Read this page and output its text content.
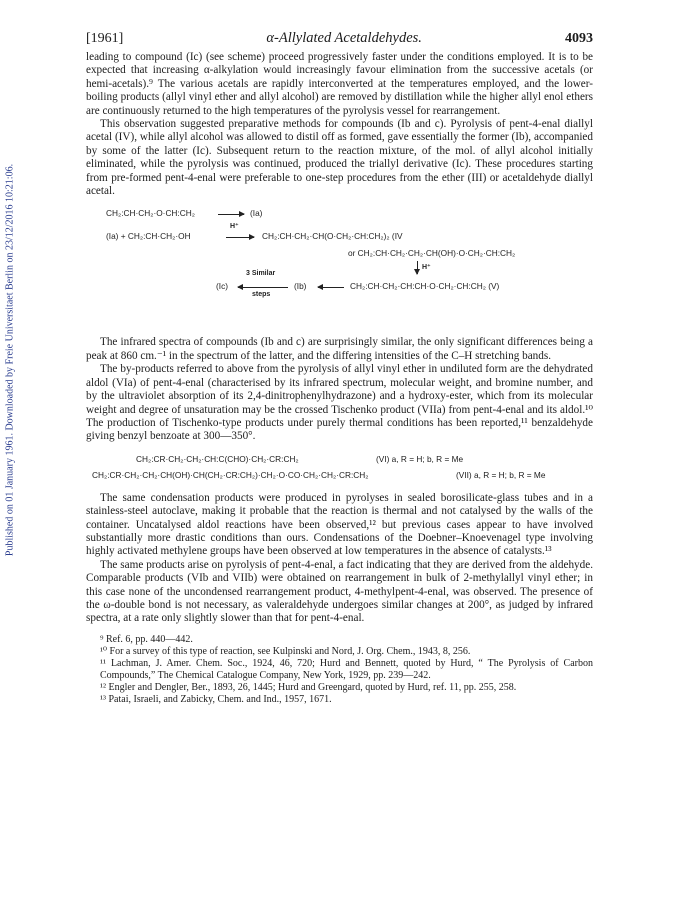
Published on 01 January 1961. Downloaded by Freie Universitaet Berlin on 23/12/2016 10:21:06.
[1961]	α-Allylated Acetaldehydes.	4093

leading to compound (Ic) (see scheme) proceed progressively faster under the conditions employed. It is to be expected that increasing α-alkylation would increasingly favour elimination from the successive acetals (or hemi-acetals).⁹ The various acetals are rapidly interconverted at the temperatures employed, and the lower-boiling products (allyl vinyl ether and allyl alcohol) are removed by distillation while the higher allyl enol ethers are continuously returned to the high temperatures of the pyrolysis vessel for rearrangement.

This observation suggested preparative methods for compounds (Ib and c). Pyrolysis of pent-4-enal diallyl acetal (IV), while allyl alcohol was allowed to distil off as formed, gave essentially the former (Ib), accompanied by some of the latter (Ic). Subsequent return to the reaction mixture, of the mol. of allyl alcohol initially eliminated, while the pyrolysis was continued, produced the triallyl derivative (Ic). These procedures starting from pre-formed pent-4-enal were preferable to one-step procedures from the ether (III) or acetaldehyde diallyl acetal.

CH₂:CH·CH₂·O·CH:CH₂	(Ia)
H⁺
(Ia) + CH₂:CH·CH₂·OH	CH₂:CH·CH₂·CH(O·CH₂·CH:CH₂)₂ (IV
or CH₂:CH·CH₂·CH₂·CH(OH)·O·CH₂·CH:CH₂
H⁺
3 Similar
(Ic)
steps
(Ib)	CH₂:CH·CH₂·CH:CH·O·CH₂·CH:CH₂ (V)

The infrared spectra of compounds (Ib and c) are surprisingly similar, the only significant differences being a peak at 860 cm.⁻¹ in the spectrum of the latter, and the differing intensities of the C–H stretching bands.

The by-products referred to above from the pyrolysis of allyl vinyl ether in undiluted form are the dehydrated aldol (VIa) of pent-4-enal (characterised by its infrared spectrum, molecular weight, and bromine number, and by the ultraviolet absorption of its 2,4-dinitrophenylhydrazone) and a hydroxy-ester, which from its molecular weight and degree of unsaturation may be the crossed Tischenko product (VIIa) from pent-4-enal and its aldol.¹⁰ The production of Tischenko-type products under purely thermal conditions has been reported,¹¹ benzaldehyde giving benzyl benzoate at 300—350°.

CH₂:CR·CH₂·CH₂·CH:C(CHO)·CH₂·CR:CH₂	(VI) a, R = H; b, R = Me
CH₂:CR·CH₂·CH₂·CH(OH)·CH(CH₂·CR:CH₂)·CH₂·O·CO·CH₂·CH₂·CR:CH₂	(VII) a, R = H; b, R = Me

The same condensation products were produced in pyrolyses in sealed borosilicate-glass tubes and in a stainless-steel autoclave, making it probable that the reaction is thermal and not catalysed by the walls of the container. Uncatalysed aldol reactions have been observed,¹² but previous cases appear to have involved substantially more drastic conditions than ours. Condensations of the Doebner–Knoevenagel type involving highly activated methylene groups have been observed at low temperatures in the absence of catalysts.¹³

The same products arise on pyrolysis of pent-4-enal, a fact indicating that they are derived from the aldehyde. Comparable products (VIb and VIIb) were obtained on rearrangement in bulk of 2-methylallyl vinyl ether; in this case none of the uncondensed rearrangement product, 4-methylpent-4-enal, was observed. The presence of the ω-double bond is not necessary, as valeraldehyde undergoes similar changes at 200°, as judged by infrared spectra, at a rate only slightly slower than that for pent-4-enal.

⁹ Ref. 6, pp. 440—442.
¹⁰ For a survey of this type of reaction, see Kulpinski and Nord, J. Org. Chem., 1943, 8, 256.
¹¹ Lachman, J. Amer. Chem. Soc., 1924, 46, 720; Hurd and Bennett, quoted by Hurd, “ The Pyrolysis of Carbon Compounds,” The Chemical Catalogue Company, New York, 1929, pp. 239—242.
¹² Engler and Dengler, Ber., 1893, 26, 1445; Hurd and Greengard, quoted by Hurd, ref. 11, pp. 255, 258.
¹³ Patai, Israeli, and Zabicky, Chem. and Ind., 1957, 1671.
